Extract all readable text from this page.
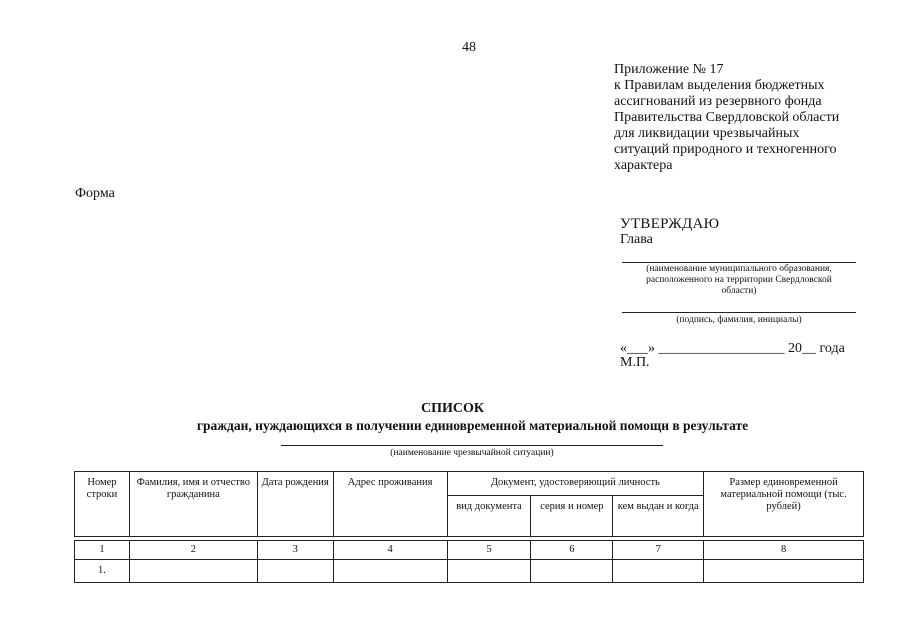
48
Приложение № 17
к Правилам выделения бюджетных
ассигнований из резервного фонда
Правительства Свердловской области
для ликвидации чрезвычайных
ситуаций природного и техногенного
характера
Форма
УТВЕРЖДАЮ
Глава
(наименование муниципального образования,
расположенного на территории Свердловской
области)
(подпись, фамилия, инициалы)
«___» __________________ 20__ года
М.П.
СПИСОК
граждан, нуждающихся в получении единовременной материальной помощи в результате
(наименование чрезвычайной ситуации)
Номер строки	Фамилия, имя и отчество гражданина	Дата рождения	Адрес проживания	Документ, удостоверяющий личность			Размер единовременной материальной помощи (тыс. рублей)
				вид документа	серия и номер	кем выдан и когда	

1	2	3	4	5	6	7	8
1.							
